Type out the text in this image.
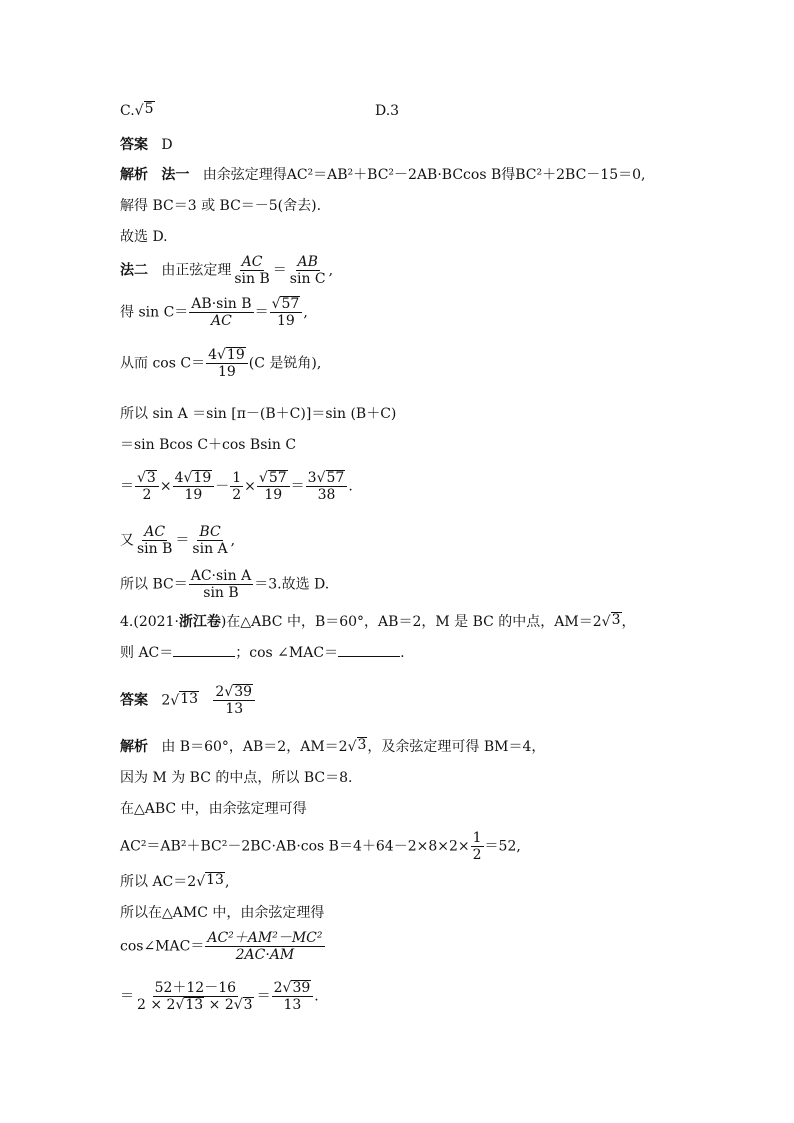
C. √ 5	D.3
答案 D
解析 法一 由余弦定理得AC²＝AB²＋BC²－2AB·BCcos B得BC²＋2BC－15＝0,
解得 BC＝3 或 BC＝－5(舍去).
故选 D.
法二 由正弦定理 $\frac{AC}{\text{sin B}} = \frac{AB}{\text{sin C}}$ ,
得 $\sin C= \frac{\text{AB·sin B}}{AC} = \frac{√ 57}{19}$ ,
从而 $\cos C= \frac{4 √ 19}{19} (C$ 是锐角),
所以 sin A ＝sin [π－(B＋C)]＝sin (B＋C)
＝sin Bcos C＋cos Bsin C
＝ $\frac{√ 3}{2} \times \frac{4 √ 19}{19} - \frac{1}{2} \times \frac{√ 57}{19} = \frac{3 √ 57}{38}$ .
又 $\frac{AC}{\text{sin B}} = \frac{BC}{\text{sin A}}$ ,
所以 $BC= \frac{\text{AC·sin A}}{\text{sin B}} =3$.故选 D.
4.(2021·浙江卷)在△ABC 中，B＝60°，AB＝2，M 是 BC 的中点，AM＝2 √ 3 ，
则 AC＝	；cos ∠MAC＝	.
答案 2 √ 13
$\frac{2 √ 39}{13}$
解析 由 B＝60°，AB＝2，AM＝2 √ 3 ，及余弦定理可得 BM＝4，
因为 M 为 BC 的中点，所以 BC＝8.
在△ABC 中，由余弦定理可得
AC²＝AB²＋BC²－2BC·AB·cos $B=4+64-2\times 8\times 2\times \frac{1}{2} =52$,
所以 AC＝2 √ 13 ,
所以在△AMC 中，由余弦定理得
cos∠MAC＝ $\frac{\text{AC²＋AM²－MC²}}{2AC\cdot AM}$
＝ $\frac{52+12-16}{2 \times 2 √ 13 \times 2 √ 3} = \frac{2 √ 39}{13}$ .
